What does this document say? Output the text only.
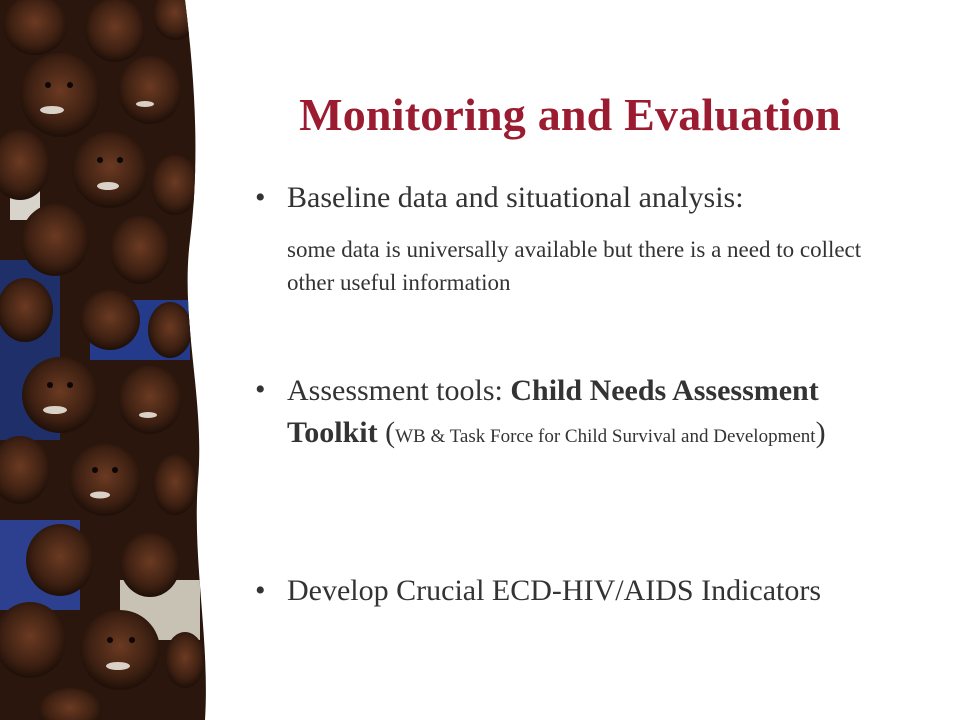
Monitoring and Evaluation
• Baseline data and situational analysis:
some data is universally available but there is a need to collect other useful information
• Assessment tools: Child Needs Assessment Toolkit (WB & Task Force for Child Survival and Development)
• Develop Crucial ECD-HIV/AIDS Indicators
